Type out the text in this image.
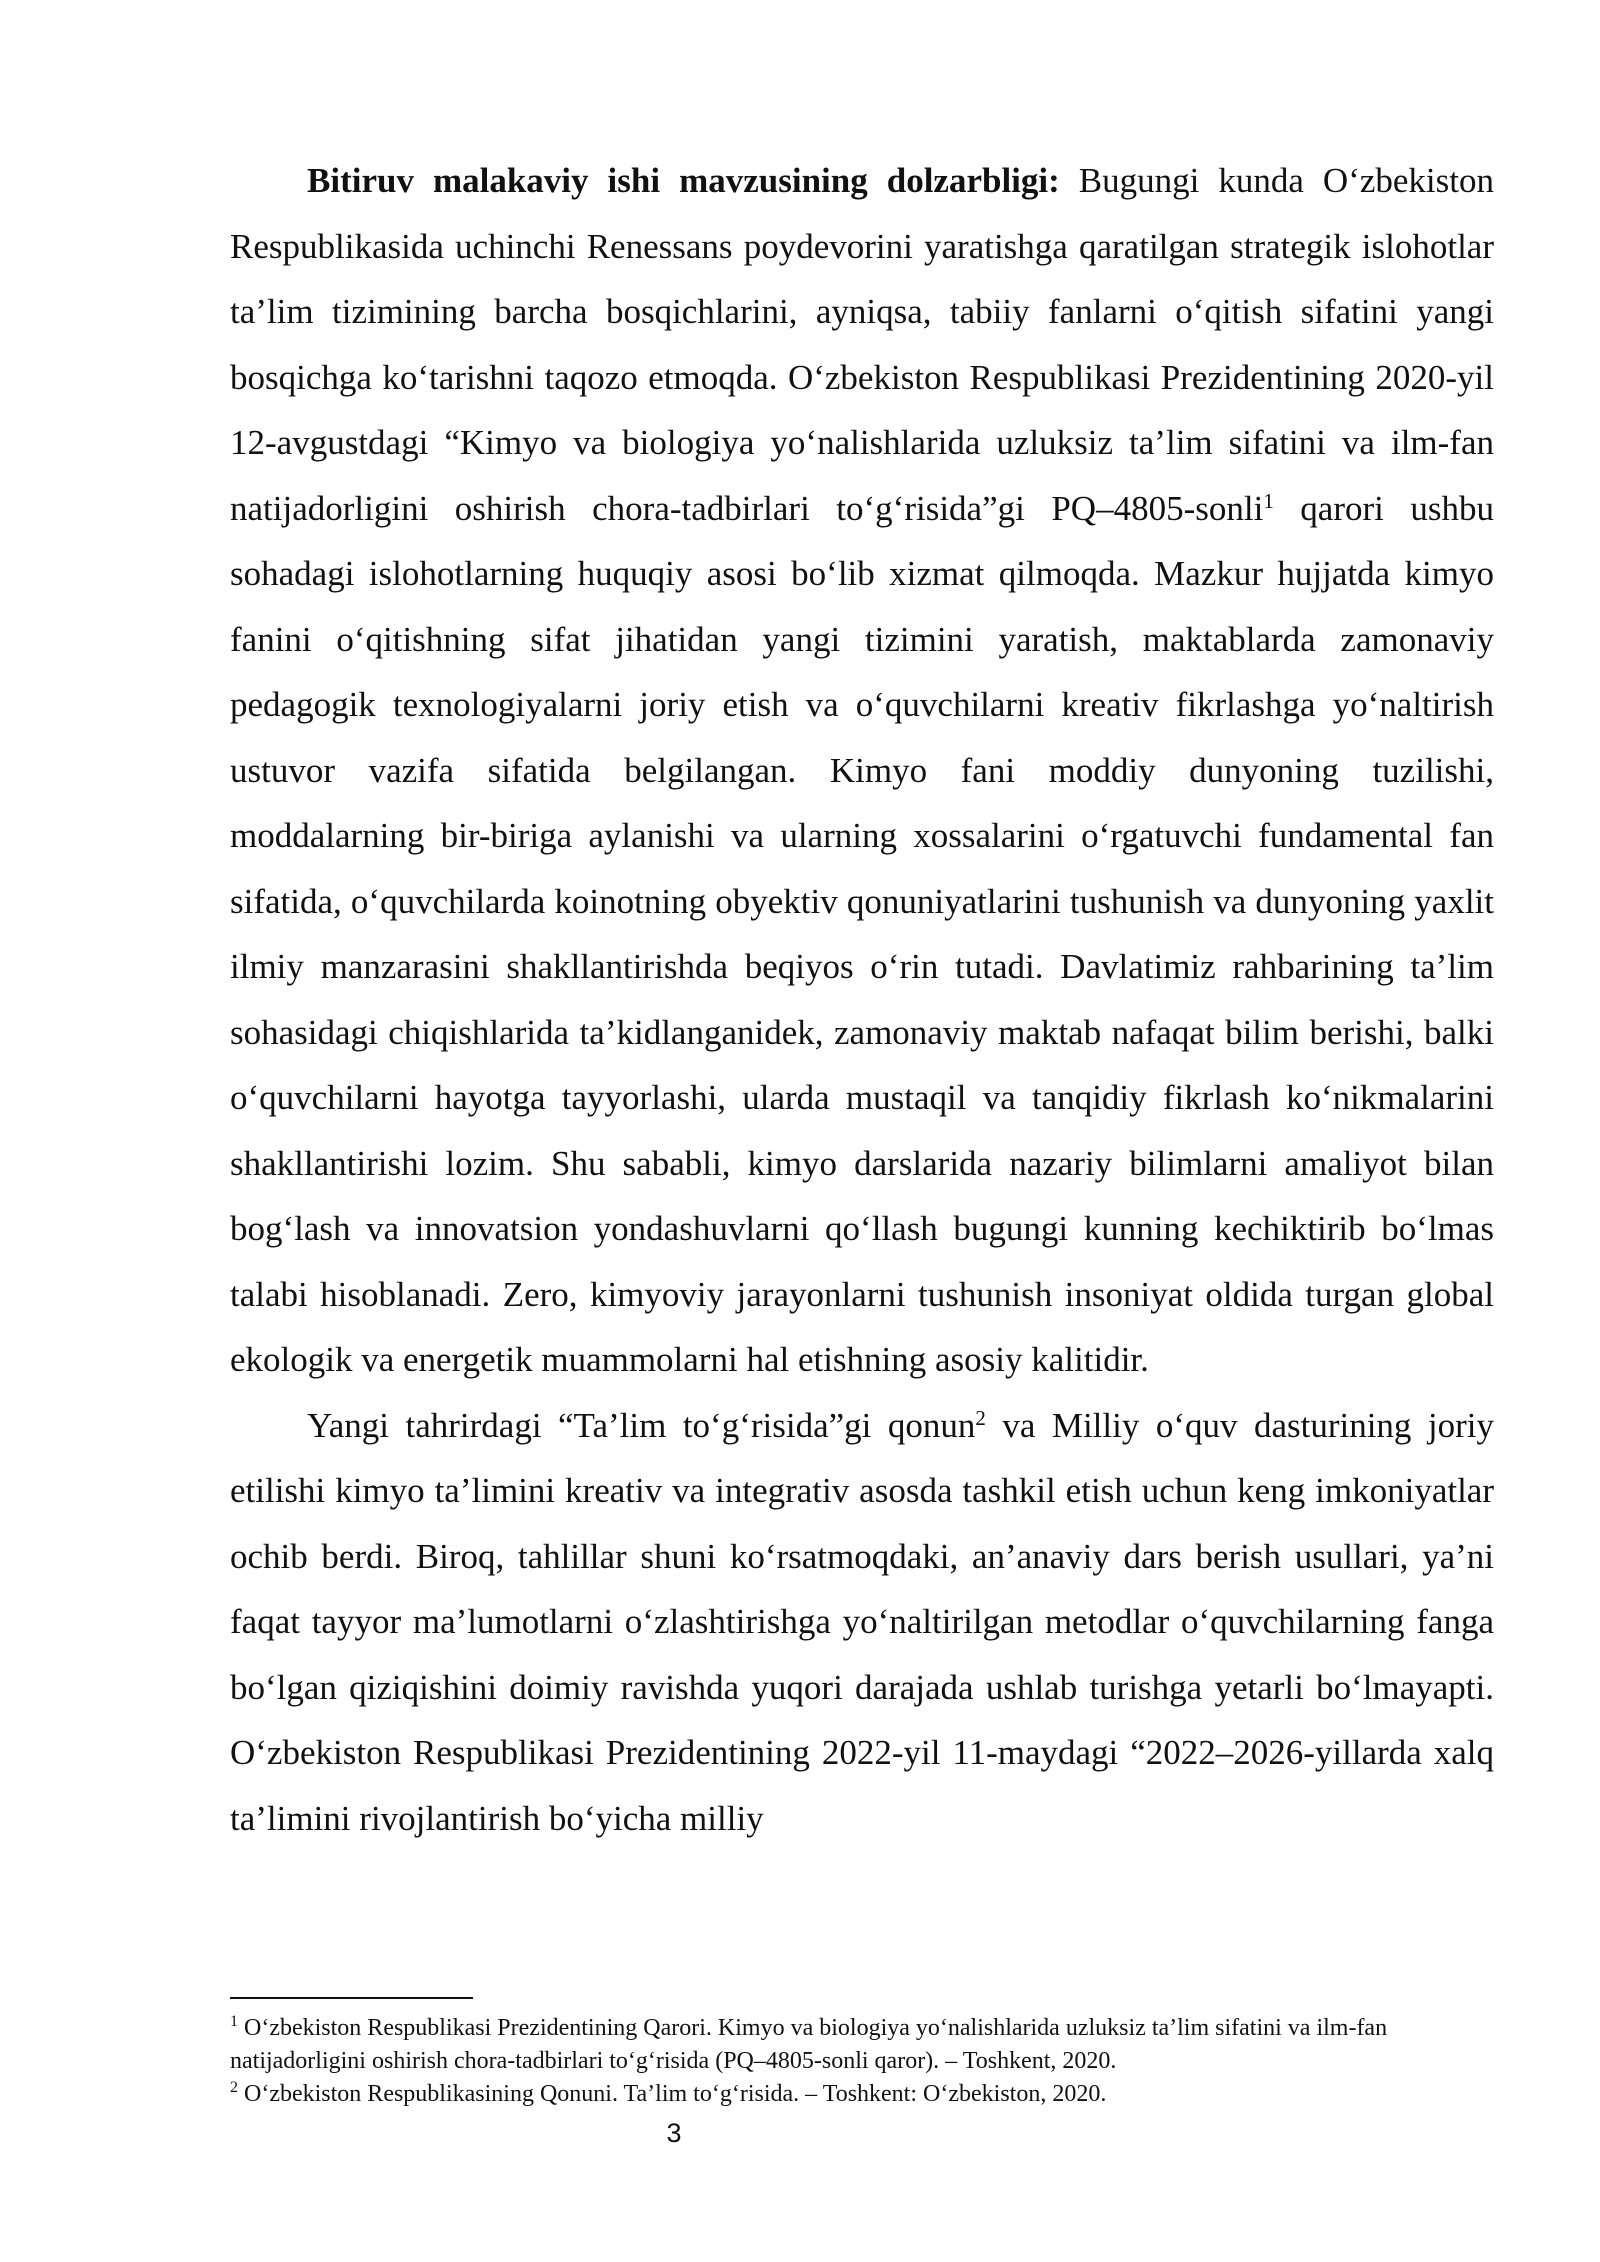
Bitiruv malakaviy ishi mavzusining dolzarbligi: Bugungi kunda O‘zbekiston Respublikasida uchinchi Renessans poydevorini yaratishga qaratilgan strategik islohotlar ta’lim tizimining barcha bosqichlarini, ayniqsa, tabiiy fanlarni o‘qitish sifatini yangi bosqichga ko‘tarishni taqozo etmoqda. O‘zbekiston Respublikasi Prezidentining 2020-yil 12-avgustdagi “Kimyo va biologiya yo‘nalishlarida uzluksiz ta’lim sifatini va ilm-fan natijadorligini oshirish chora-tadbirlari to‘g‘risida”gi PQ–4805-sonli$^1$ qarori ushbu sohadagi islohotlarning huquqiy asosi bo‘lib xizmat qilmoqda. Mazkur hujjatda kimyo fanini o‘qitishning sifat jihatidan yangi tizimini yaratish, maktablarda zamonaviy pedagogik texnologiyalarni joriy etish va o‘quvchilarni kreativ fikrlashga yo‘naltirish ustuvor vazifa sifatida belgilangan. Kimyo fani moddiy dunyoning tuzilishi, moddalarning bir-biriga aylanishi va ularning xossalarini o‘rgatuvchi fundamental fan sifatida, o‘quvchilarda koinotning obyektiv qonuniyatlarini tushunish va dunyoning yaxlit ilmiy manzarasini shakllantirishda beqiyos o‘rin tutadi. Davlatimiz rahbarining ta’lim sohasidagi chiqishlarida ta’kidlanganidek, zamonaviy maktab nafaqat bilim berishi, balki o‘quvchilarni hayotga tayyorlashi, ularda mustaqil va tanqidiy fikrlash ko‘nikmalarini shakllantirishi lozim. Shu sababli, kimyo darslarida nazariy bilimlarni amaliyot bilan bog‘lash va innovatsion yondashuvlarni qo‘llash bugungi kunning kechiktirib bo‘lmas talabi hisoblanadi. Zero, kimyoviy jarayonlarni tushunish insoniyat oldida turgan global ekologik va energetik muammolarni hal etishning asosiy kalitidir.

Yangi tahrirdagi “Ta’lim to‘g‘risida”gi qonun$^2$ va Milliy o‘quv dasturining joriy etilishi kimyo ta’limini kreativ va integrativ asosda tashkil etish uchun keng imkoniyatlar ochib berdi. Biroq, tahlillar shuni ko‘rsatmoqdaki, an’anaviy dars berish usullari, ya’ni faqat tayyor ma’lumotlarni o‘zlashtirishga yo‘naltirilgan metodlar o‘quvchilarning fanga bo‘lgan qiziqishini doimiy ravishda yuqori darajada ushlab turishga yetarli bo‘lmayapti. O‘zbekiston Respublikasi Prezidentining 2022-yil 11-maydagi “2022–2026-yillarda xalq ta’limini rivojlantirish bo‘yicha milliy

$^1$ O‘zbekiston Respublikasi Prezidentining Qarori. Kimyo va biologiya yo‘nalishlarida uzluksiz ta’lim sifatini va ilm-fan natijadorligini oshirish chora-tadbirlari to‘g‘risida (PQ–4805-sonli qaror). – Toshkent, 2020.

$^2$ O‘zbekiston Respublikasining Qonuni. Ta’lim to‘g‘risida. – Toshkent: O‘zbekiston, 2020.

3
